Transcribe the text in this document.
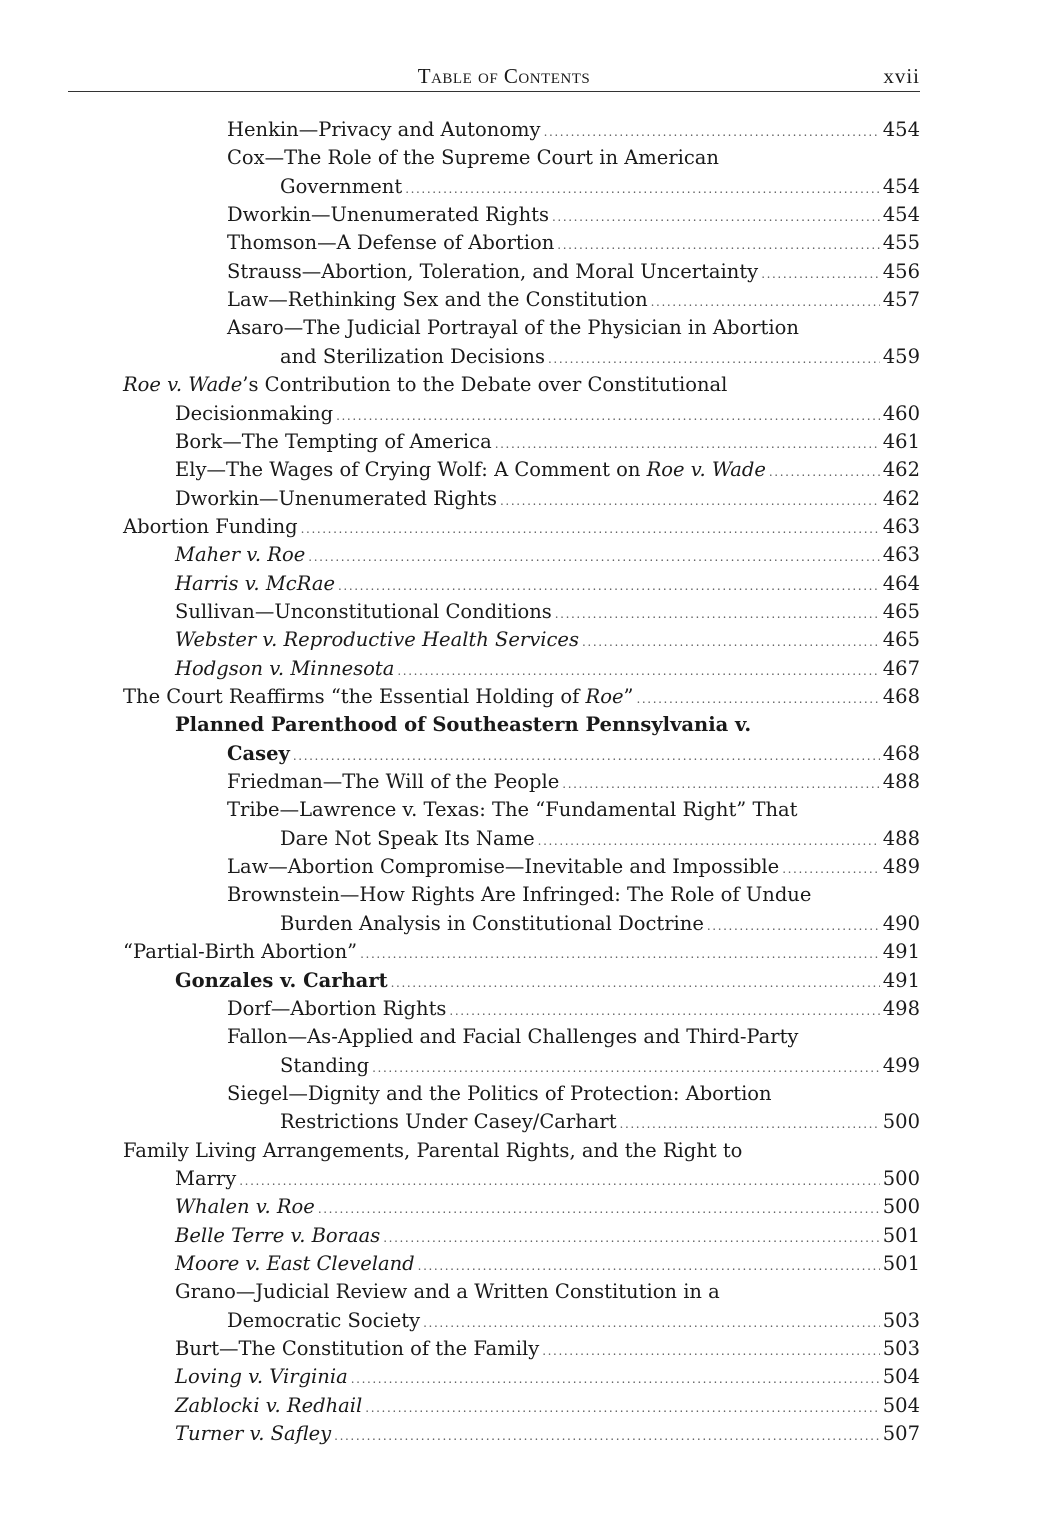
Table of Contents	xvii
Henkin—Privacy and Autonomy .....	454
Cox—The Role of the Supreme Court in American
Government .....	454
Dworkin—Unenumerated Rights .....	454
Thomson—A Defense of Abortion .....	455
Strauss—Abortion, Toleration, and Moral Uncertainty .....	456
Law—Rethinking Sex and the Constitution .....	457
Asaro—The Judicial Portrayal of the Physician in Abortion
and Sterilization Decisions .....	459
Roe v. Wade’s Contribution to the Debate over Constitutional
Decisionmaking .....	460
Bork—The Tempting of America .....	461
Ely—The Wages of Crying Wolf: A Comment on Roe v. Wade .....	462
Dworkin—Unenumerated Rights .....	462
Abortion Funding .....	463
Maher v. Roe .....	463
Harris v. McRae .....	464
Sullivan—Unconstitutional Conditions .....	465
Webster v. Reproductive Health Services .....	465
Hodgson v. Minnesota .....	467
The Court Reaffirms “the Essential Holding of Roe” .....	468
Planned Parenthood of Southeastern Pennsylvania v.
Casey .....	468
Friedman—The Will of the People .....	488
Tribe—Lawrence v. Texas: The “Fundamental Right” That
Dare Not Speak Its Name .....	488
Law—Abortion Compromise—Inevitable and Impossible .....	489
Brownstein—How Rights Are Infringed: The Role of Undue
Burden Analysis in Constitutional Doctrine .....	490
“Partial-Birth Abortion” .....	491
Gonzales v. Carhart .....	491
Dorf—Abortion Rights .....	498
Fallon—As-Applied and Facial Challenges and Third-Party
Standing .....	499
Siegel—Dignity and the Politics of Protection: Abortion
Restrictions Under Casey/Carhart .....	500
Family Living Arrangements, Parental Rights, and the Right to
Marry .....	500
Whalen v. Roe .....	500
Belle Terre v. Boraas .....	501
Moore v. East Cleveland .....	501
Grano—Judicial Review and a Written Constitution in a
Democratic Society .....	503
Burt—The Constitution of the Family .....	503
Loving v. Virginia .....	504
Zablocki v. Redhail .....	504
Turner v. Safley .....	507
